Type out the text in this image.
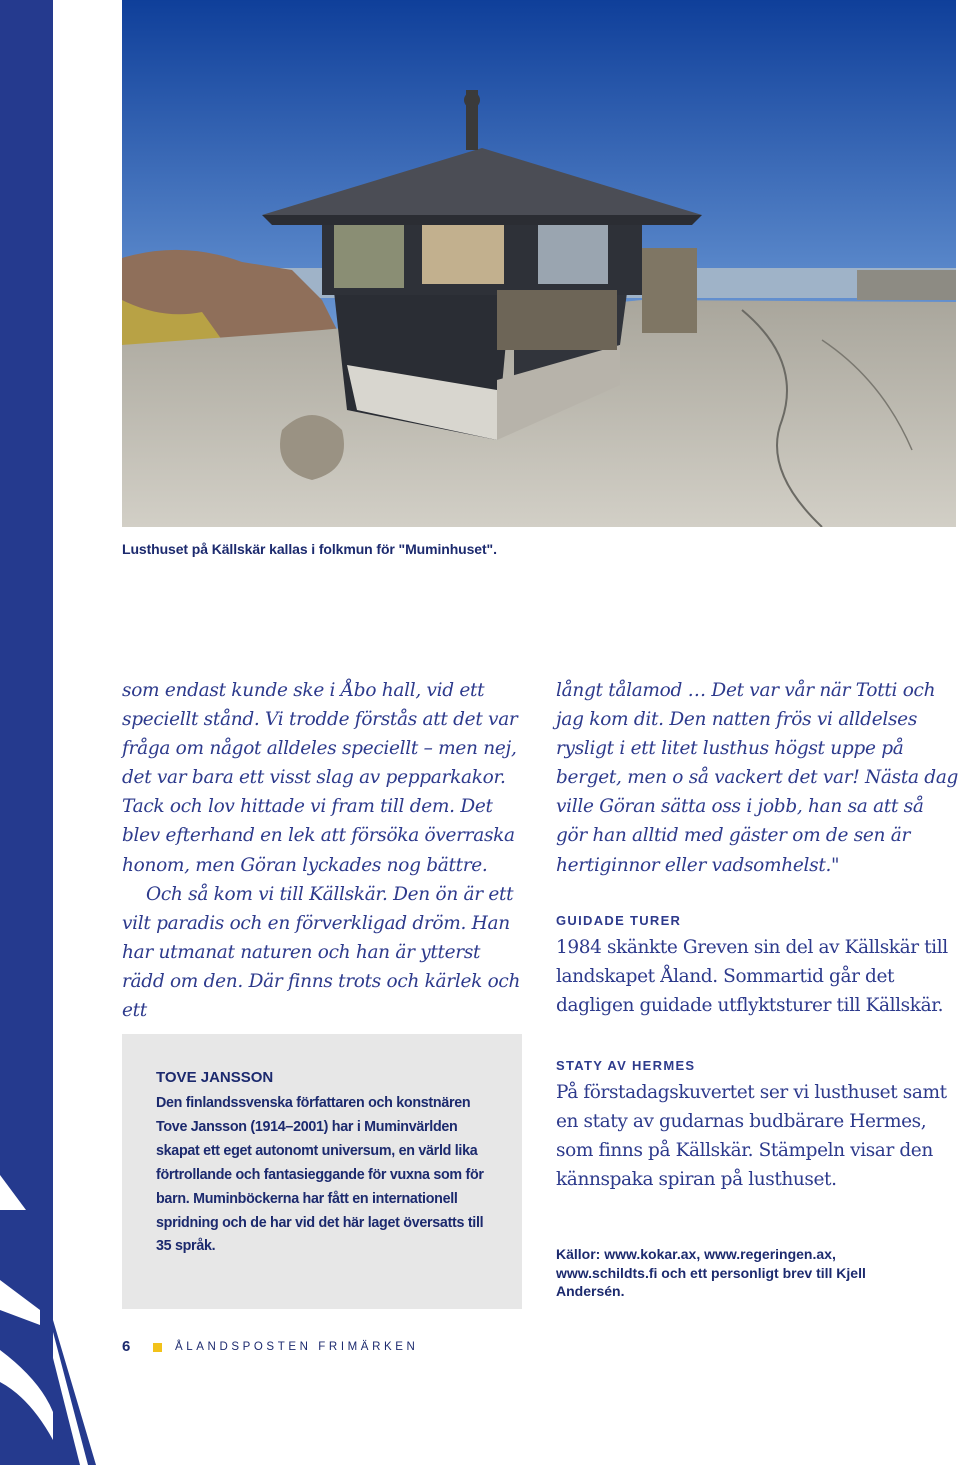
Lusthuset på Källskär kallas i folkmun för "Muminhuset".

som endast kunde ske i Åbo hall, vid ett speciellt stånd. Vi trodde förstås att det var fråga om något alldeles speciellt – men nej, det var bara ett visst slag av pepparkakor. Tack och lov hittade vi fram till dem. Det blev efterhand en lek att försöka överraska honom, men Göran lyckades nog bättre.

Och så kom vi till Källskär. Den ön är ett vilt paradis och en förverkligad dröm. Han har utmanat naturen och han är ytterst rädd om den. Där finns trots och kärlek och ett

långt tålamod … Det var vår när Totti och jag kom dit. Den natten frös vi alldelses rysligt i ett litet lusthus högst uppe på berget, men o så vackert det var! Nästa dag ville Göran sätta oss i jobb, han sa att så gör han alltid med gäster om de sen är hertiginnor eller vadsomhelst."

GUIDADE TURER
1984 skänkte Greven sin del av Källskär till landskapet Åland. Sommartid går det dagligen guidade utflyktsturer till Källskär.
STATY AV HERMES
På förstadagskuvertet ser vi lusthuset samt en staty av gudarnas budbärare Hermes, som finns på Källskär. Stämpeln visar den kännspaka spiran på lusthuset.
TOVE JANSSON
Den finlandssvenska författaren och konstnären Tove Jansson (1914–2001) har i Muminvärlden skapat ett eget autonomt universum, en värld lika förtrollande och fantasieggande för vuxna som för barn. Muminböckerna har fått en internationell spridning och de har vid det här laget översatts till 35 språk.	Källor: www.kokar.ax, www.regeringen.ax, www.schildts.fi och ett personligt brev till Kjell Andersén.
6	ÅLANDSPOSTEN FRIMÄRKEN
